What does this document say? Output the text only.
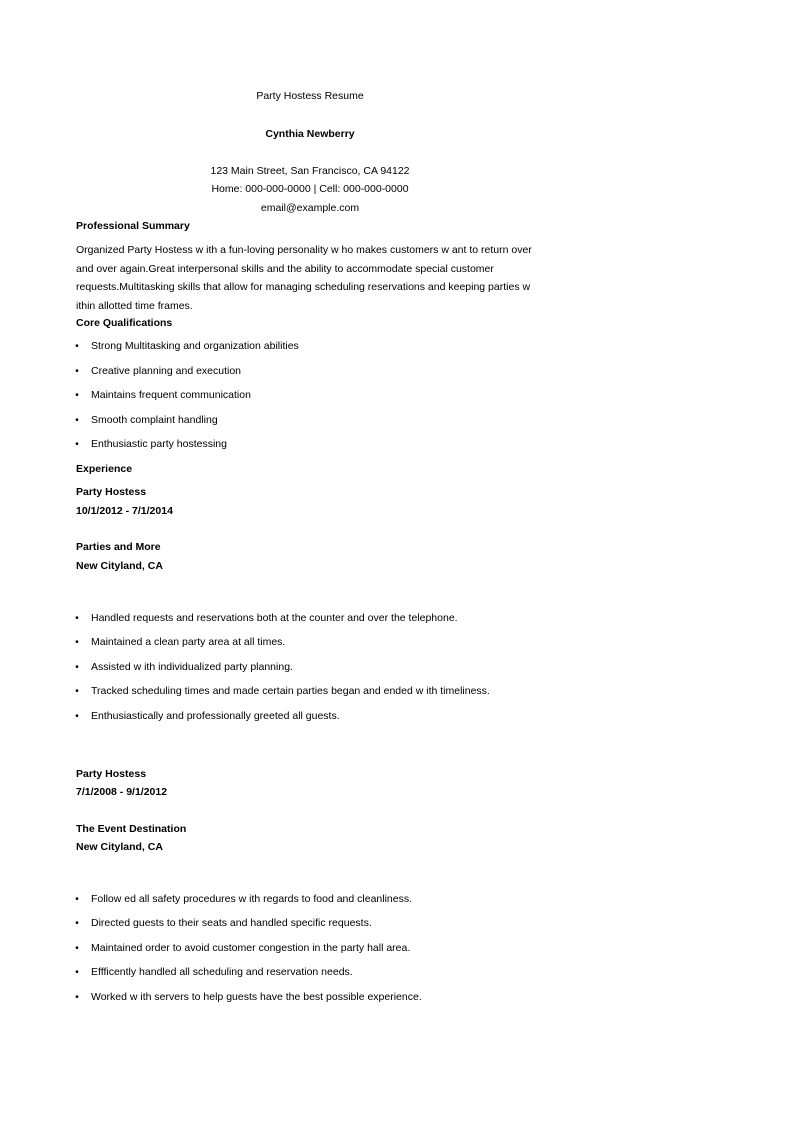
Party Hostess Resume
Cynthia Newberry
123 Main Street, San Francisco, CA 94122
Home: 000-000-0000 | Cell: 000-000-0000
email@example.com
Professional Summary
Organized Party Hostess w ith a fun-loving personality w ho makes customers w ant to return over and over again.Great interpersonal skills and the ability to accommodate special customer requests.Multitasking skills that allow for managing scheduling reservations and keeping parties w ithin allotted time frames.
Core Qualifications
•	Strong Multitasking and organization abilities
•	Creative planning and execution
•	Maintains frequent communication
•	Smooth complaint handling
•	Enthusiastic party hostessing
Experience
Party Hostess
10/1/2012 - 7/1/2014
Parties and More
New Cityland, CA
•	Handled requests and reservations both at the counter and over the telephone.
•	Maintained a clean party area at all times.
•	Assisted w ith individualized party planning.
•	Tracked scheduling times and made certain parties began and ended w ith timeliness.
•	Enthusiastically and professionally greeted all guests.
Party Hostess
7/1/2008 - 9/1/2012
The Event Destination
New Cityland, CA
•	Follow ed all safety procedures w ith regards to food and cleanliness.
•	Directed guests to their seats and handled specific requests.
•	Maintained order to avoid customer congestion in the party hall area.
•	Effficently handled all scheduling and reservation needs.
•	Worked w ith servers to help guests have the best possible experience.
